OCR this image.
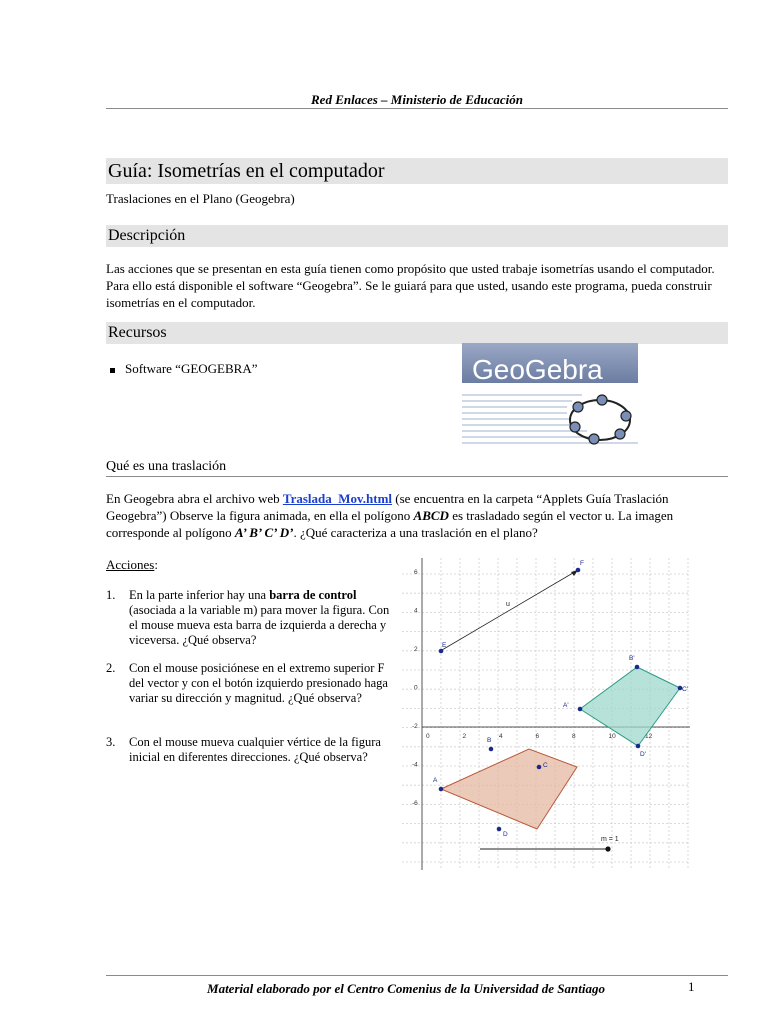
Red Enlaces – Ministerio de Educación
Guía: Isometrías en el computador
Traslaciones en el Plano (Geogebra)
Descripción
Las acciones que se presentan en esta guía tienen como propósito que usted trabaje isometrías usando el computador. Para ello está disponible el software “Geogebra”. Se le guiará para que usted, usando este programa, pueda construir isometrías en el computador.
Recursos
Software “GEOGEBRA”	GeoGebra
Qué es una traslación
En Geogebra abra el archivo web Traslada_Mov.html (se encuentra en la carpeta “Applets Guía Traslación Geogebra”) Observe la figura animada, en ella el polígono ABCD es trasladado según el vector u. La imagen corresponde al polígono A’ B’ C’ D’. ¿Qué caracteriza a una traslación en el plano?
Acciones:
1. En la parte inferior hay una barra de control (asociada a la variable m) para mover la figura. Con el mouse mueva esta barra de izquierda a derecha y viceversa. ¿Qué observa?
2. Con el mouse posiciónese en el extremo superior F del vector y con el botón izquierdo presionado haga variar su dirección y magnitud. ¿Qué observa?
3. Con el mouse mueva cualquier vértice de la figura inicial en diferentes direcciones. ¿Qué observa?
0	2	4	6	8	10	12
6
4
2
0
-2
-4
-6
u
m = 1
E
F
A
B
C
D
A'
B'
C'
D'
Material elaborado por el Centro Comenius de la Universidad de Santiago	1
